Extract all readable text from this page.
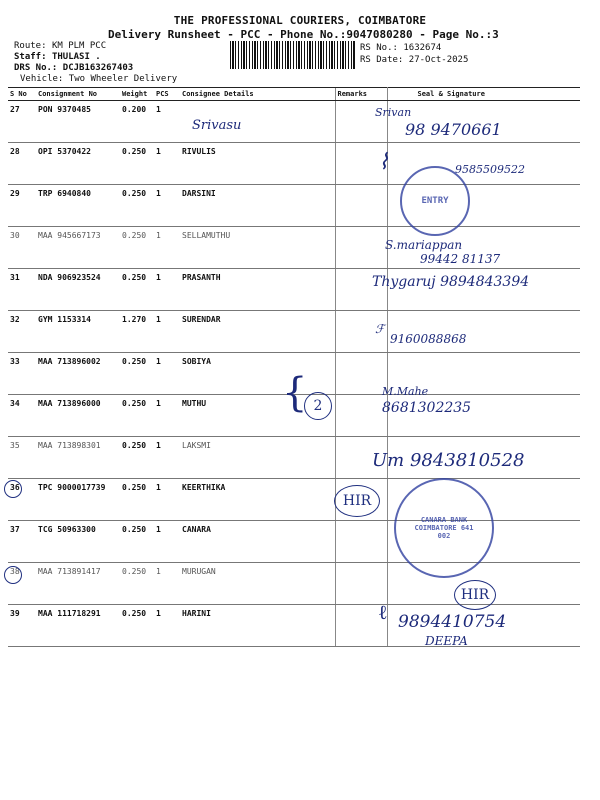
THE PROFESSIONAL COURIERS, COIMBATORE
Delivery Runsheet - PCC - Phone No.:9047080280 - Page No.:3
Route: KM PLM PCC
Staff: THULASI .
DRS No.: DCJB163267403
Vehicle: Two Wheeler Delivery
RS No.: 1632674
RS Date: 27-Oct-2025
S No	Consignment No	Weight	PCS	Consignee Details	Remarks	Seal & Signature
27	PON 9370485	0.200	1			
28	OPI 5370422	0.250	1	RIVULIS		
29	TRP 6940840	0.250	1	DARSINI		
30	MAA 945667173	0.250	1	SELLAMUTHU		
31	NDA 906923524	0.250	1	PRASANTH		
32	GYM 1153314	1.270	1	SURENDAR		
33	MAA 713896002	0.250	1	SOBIYA		
34	MAA 713896000	0.250	1	MUTHU		
35	MAA 713898301	0.250	1	LAKSMI		
36	TPC 9000017739	0.250	1	KEERTHIKA		
37	TCG 50963300	0.250	1	CANARA		
38	MAA 713891417	0.250	1	MURUGAN		
39	MAA 111718291	0.250	1	HARINI		
Srivasu
Srivan
98 9470661
ENTRY
⌇	9585509522
S.mariappan
99442 81137
Thygaruj 9894843394
ℱ
9160088868
{ 2
M.Mahe
8681302235
Um 9843810528
HIR
CANARA BANK COIMBATORE 641 002
HIR
ℓ 9894410754
DEEPA
